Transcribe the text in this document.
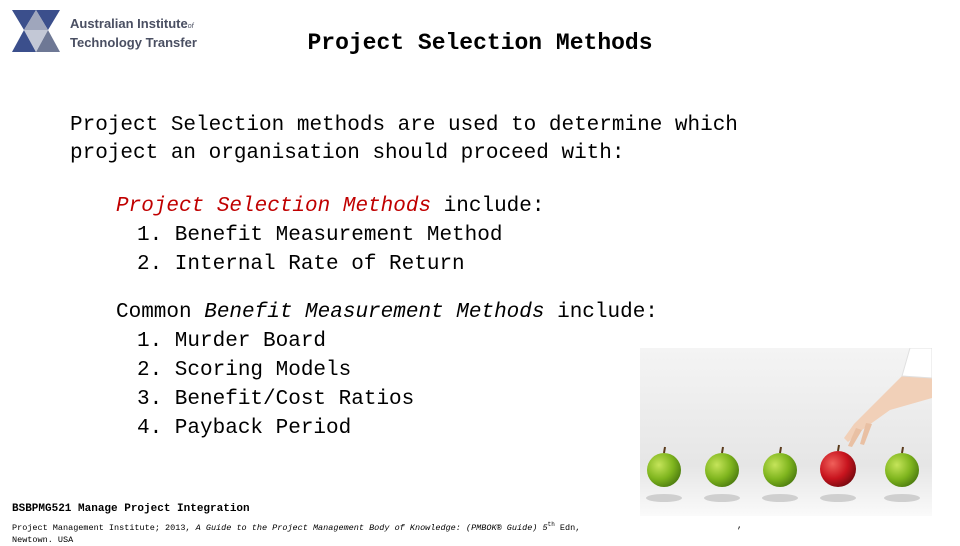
Australian Instituteof
Technology Transfer	Project Selection Methods
Project Selection methods are used to determine which
project an organisation should proceed with:
Project Selection Methods include:
1. Benefit Measurement Method
2. Internal Rate of Return
Common Benefit Measurement Methods include:
1. Murder Board
2. Scoring Models
3. Benefit/Cost Ratios
4. Payback Period
BSBPMG521 Manage Project Integration
Project Management Institute; 2013, A Guide to the Project Management Body of Knowledge: (PMBOK® Guide) 5th Edn,
Newtown. USA
,
